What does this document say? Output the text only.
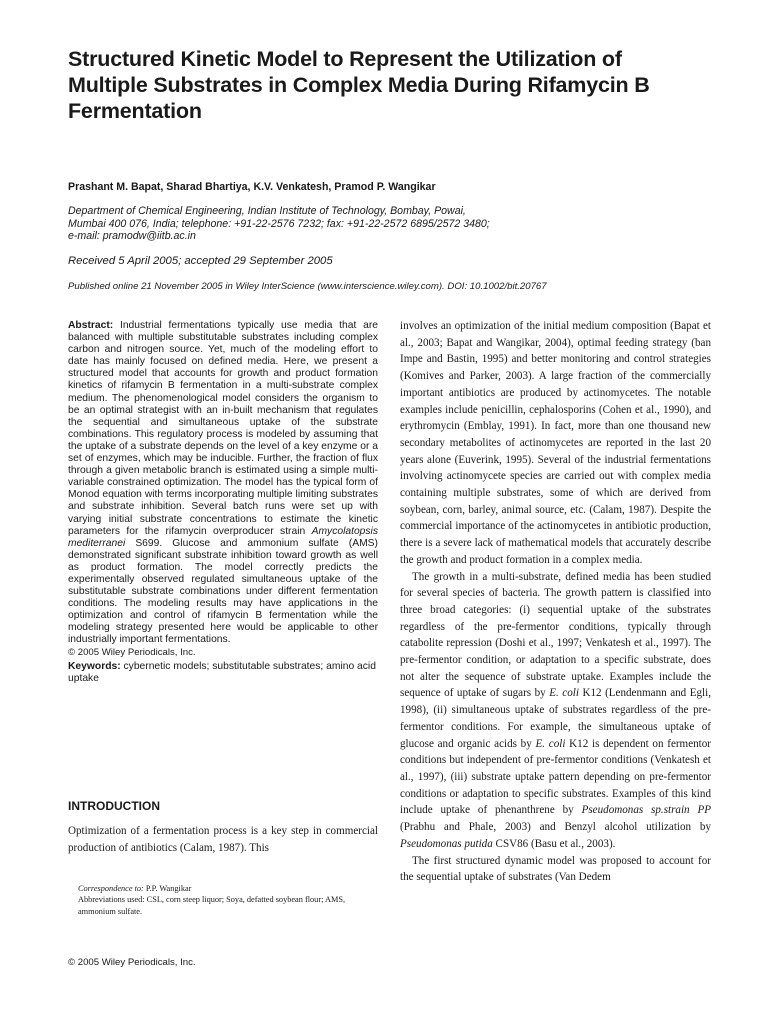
Structured Kinetic Model to Represent the Utilization of Multiple Substrates in Complex Media During Rifamycin B Fermentation
Prashant M. Bapat, Sharad Bhartiya, K.V. Venkatesh, Pramod P. Wangikar
Department of Chemical Engineering, Indian Institute of Technology, Bombay, Powai,
Mumbai 400 076, India; telephone: +91-22-2576 7232; fax: +91-22-2572 6895/2572 3480;
e-mail: pramodw@iitb.ac.in
Received 5 April 2005; accepted 29 September 2005
Published online 21 November 2005 in Wiley InterScience (www.interscience.wiley.com). DOI: 10.1002/bit.20767
Abstract: Industrial fermentations typically use media that are balanced with multiple substitutable substrates including complex carbon and nitrogen source. Yet, much of the modeling effort to date has mainly focused on defined media. Here, we present a structured model that accounts for growth and product formation kinetics of rifamycin B fermentation in a multi-substrate complex medium. The phenomenological model considers the organism to be an optimal strategist with an in-built mechanism that regulates the sequential and simultaneous uptake of the substrate combinations. This regulatory process is modeled by assuming that the uptake of a substrate depends on the level of a key enzyme or a set of enzymes, which may be inducible. Further, the fraction of flux through a given metabolic branch is estimated using a simple multi-variable constrained optimization. The model has the typical form of Monod equation with terms incorporating multiple limiting substrates and substrate inhibition. Several batch runs were set up with varying initial substrate concentrations to estimate the kinetic parameters for the rifamycin overproducer strain Amycolatopsis mediterranei S699. Glucose and ammonium sulfate (AMS) demonstrated significant substrate inhibition toward growth as well as product formation. The model correctly predicts the experimentally observed regulated simultaneous uptake of the substitutable substrate combinations under different fermentation conditions. The modeling results may have applications in the optimization and control of rifamycin B fermentation while the modeling strategy presented here would be applicable to other industrially important fermentations.
© 2005 Wiley Periodicals, Inc.
Keywords: cybernetic models; substitutable substrates; amino acid uptake
INTRODUCTION
Optimization of a fermentation process is a key step in commercial production of antibiotics (Calam, 1987). This
Correspondence to: P.P. Wangikar
Abbreviations used: CSL, corn steep liquor; Soya, defatted soybean flour; AMS, ammonium sulfate.
© 2005 Wiley Periodicals, Inc.

involves an optimization of the initial medium composition (Bapat et al., 2003; Bapat and Wangikar, 2004), optimal feeding strategy (ban Impe and Bastin, 1995) and better monitoring and control strategies (Komives and Parker, 2003). A large fraction of the commercially important antibiotics are produced by actinomycetes. The notable examples include penicillin, cephalosporins (Cohen et al., 1990), and erythromycin (Emblay, 1991). In fact, more than one thousand new secondary metabolites of actinomycetes are reported in the last 20 years alone (Euverink, 1995). Several of the industrial fermentations involving actinomycete species are carried out with complex media containing multiple substrates, some of which are derived from soybean, corn, barley, animal source, etc. (Calam, 1987). Despite the commercial importance of the actinomycetes in antibiotic production, there is a severe lack of mathematical models that accurately describe the growth and product formation in a complex media.

The growth in a multi-substrate, defined media has been studied for several species of bacteria. The growth pattern is classified into three broad categories: (i) sequential uptake of the substrates regardless of the pre-fermentor conditions, typically through catabolite repression (Doshi et al., 1997; Venkatesh et al., 1997). The pre-fermentor condition, or adaptation to a specific substrate, does not alter the sequence of substrate uptake. Examples include the sequence of uptake of sugars by E. coli K12 (Lendenmann and Egli, 1998), (ii) simultaneous uptake of substrates regardless of the pre-fermentor conditions. For example, the simultaneous uptake of glucose and organic acids by E. coli K12 is dependent on fermentor conditions but independent of pre-fermentor conditions (Venkatesh et al., 1997), (iii) substrate uptake pattern depending on pre-fermentor conditions or adaptation to specific substrates. Examples of this kind include uptake of phenanthrene by Pseudomonas sp.strain PP (Prabhu and Phale, 2003) and Benzyl alcohol utilization by Pseudomonas putida CSV86 (Basu et al., 2003).

The first structured dynamic model was proposed to account for the sequential uptake of substrates (Van Dedem
